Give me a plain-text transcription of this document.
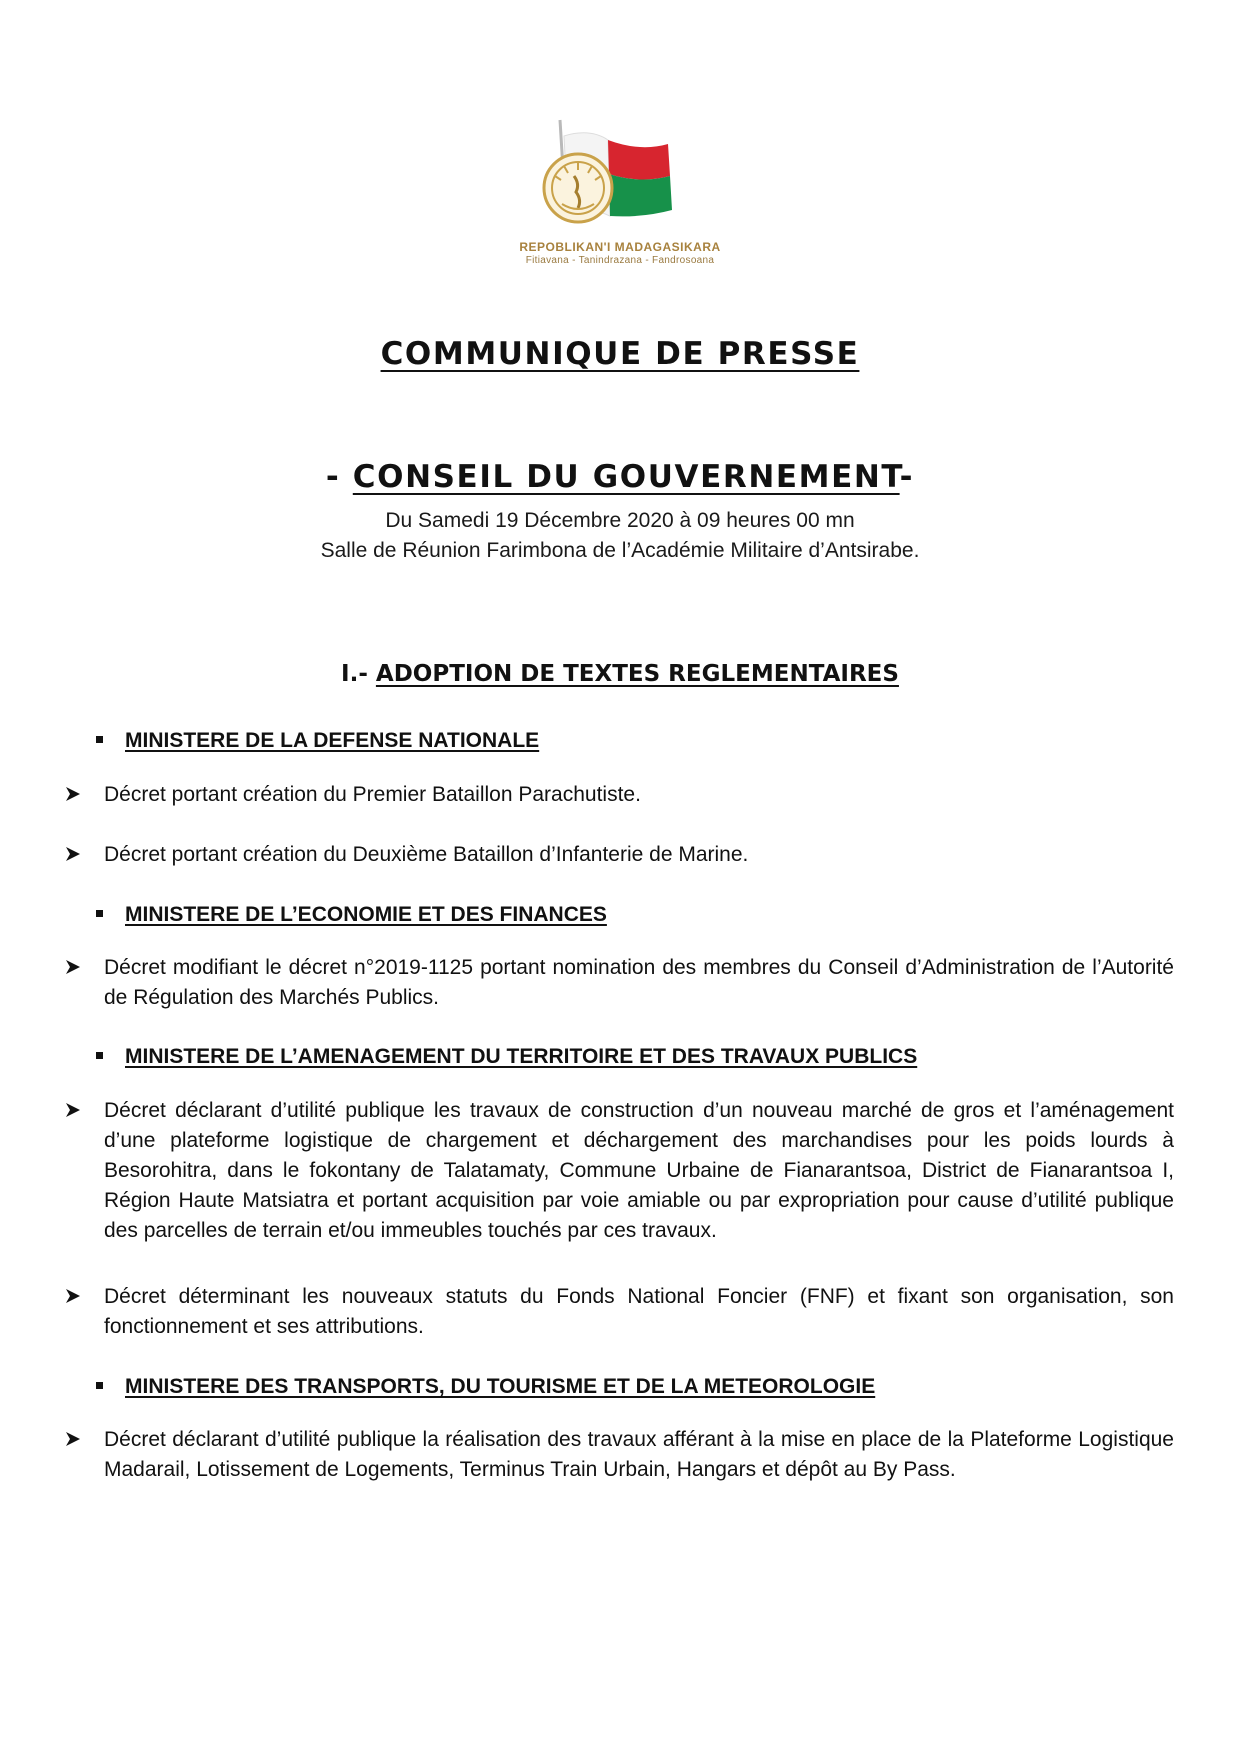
REPOBLIKAN'I MADAGASIKARA
Fitiavana - Tanindrazana - Fandrosoana
COMMUNIQUE DE PRESSE
- CONSEIL DU GOUVERNEMENT-
Du Samedi 19 Décembre 2020 à 09 heures 00 mn
Salle de Réunion Farimbona de l’Académie Militaire d’Antsirabe.
I.- ADOPTION DE TEXTES REGLEMENTAIRES
MINISTERE DE LA DEFENSE NATIONALE
Décret portant création du Premier Bataillon Parachutiste.
Décret portant création du Deuxième Bataillon d’Infanterie de Marine.
MINISTERE DE L’ECONOMIE ET DES FINANCES
Décret modifiant le décret n°2019-1125 portant nomination des membres du Conseil d’Administration de l’Autorité de Régulation des Marchés Publics.
MINISTERE DE L’AMENAGEMENT DU TERRITOIRE ET DES TRAVAUX PUBLICS
Décret déclarant d’utilité publique les travaux de construction d’un nouveau marché de gros et l’aménagement d’une plateforme logistique de chargement et déchargement des marchandises pour les poids lourds à Besorohitra, dans le fokontany de Talatamaty, Commune Urbaine de Fianarantsoa, District de Fianarantsoa I, Région Haute Matsiatra et portant acquisition par voie amiable ou par expropriation pour cause d’utilité publique des parcelles de terrain et/ou immeubles touchés par ces travaux.
Décret déterminant les nouveaux statuts du Fonds National Foncier (FNF) et fixant son organisation, son fonctionnement et ses attributions.
MINISTERE DES TRANSPORTS, DU TOURISME ET DE LA METEOROLOGIE
Décret déclarant d’utilité publique la réalisation des travaux afférant à la mise en place de la Plateforme Logistique Madarail, Lotissement de Logements, Terminus Train Urbain, Hangars et dépôt au By Pass.
